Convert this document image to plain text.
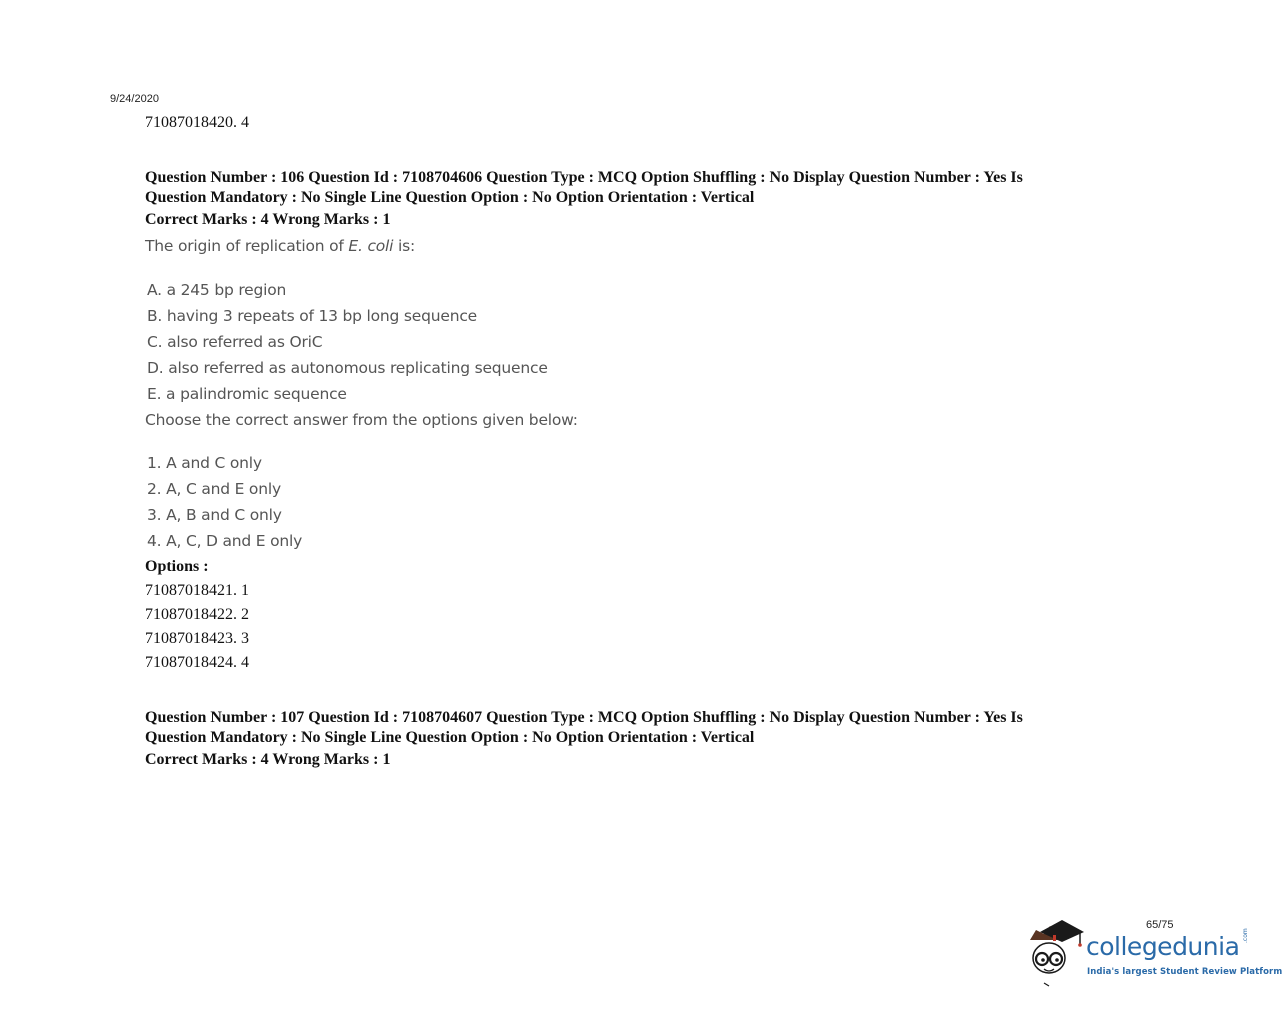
9/24/2020
71087018420. 4
Question Number : 106 Question Id : 7108704606 Question Type : MCQ Option Shuffling : No Display Question Number : Yes Is
Question Mandatory : No Single Line Question Option : No Option Orientation : Vertical
Correct Marks : 4 Wrong Marks : 1
The origin of replication of E. coli is:
A. a 245 bp region
B. having 3 repeats of 13 bp long sequence
C. also referred as OriC
D. also referred as autonomous replicating sequence
E. a palindromic sequence
Choose the correct answer from the options given below:
1. A and C only
2. A, C and E only
3. A, B and C only
4. A, C, D and E only
Options :
71087018421. 1
71087018422. 2
71087018423. 3
71087018424. 4
Question Number : 107 Question Id : 7108704607 Question Type : MCQ Option Shuffling : No Display Question Number : Yes Is
Question Mandatory : No Single Line Question Option : No Option Orientation : Vertical
Correct Marks : 4 Wrong Marks : 1
65/75
collegedunia .com
India's largest Student Review Platform
